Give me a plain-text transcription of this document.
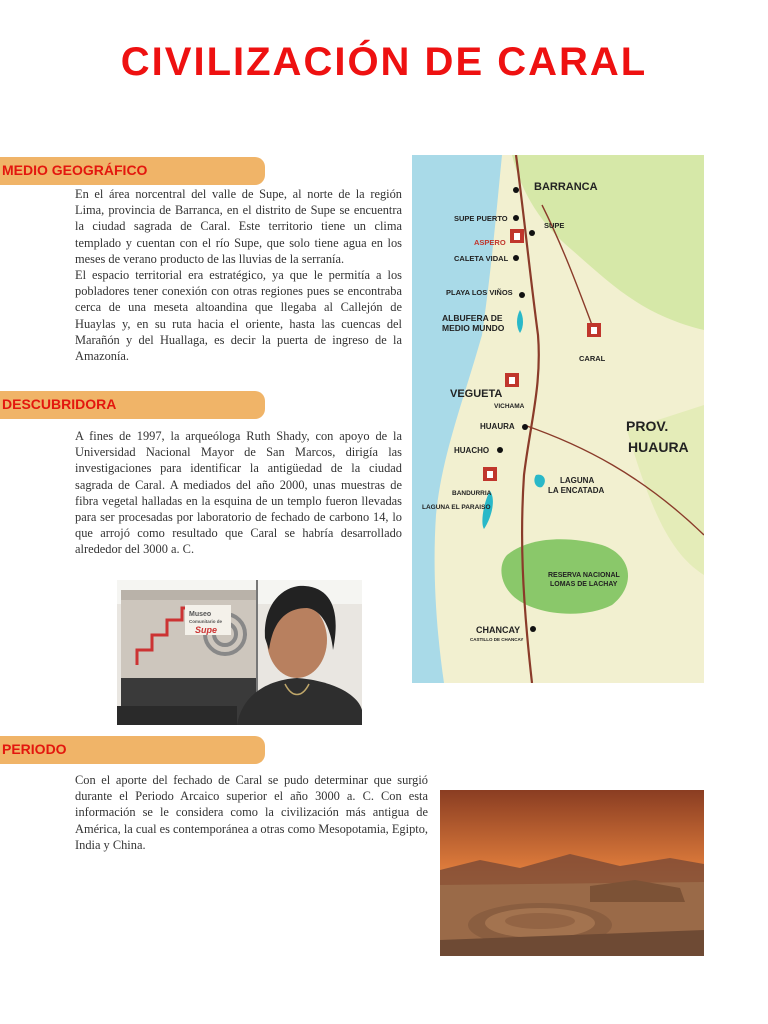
CIVILIZACIÓN DE CARAL
MEDIO GEOGRÁFICO

En el área norcentral del valle de Supe, al norte de la región Lima, provincia de Barranca, en el distrito de Supe se encuentra la ciudad sagrada de Caral. Este territorio tiene un clima templado y cuentan con el río Supe, que solo tiene agua en los meses de verano producto de las lluvias de la serranía.

El espacio territorial era estratégico, ya que le permitía a los pobladores tener conexión con otras regiones pues se encontraba cerca de una meseta altoandina que llegaba al Callejón de Huaylas y, en su ruta hacia el oriente, hasta las cuencas del Marañón y del Huallaga, es decir la puerta de ingreso de la Amazonía.

DESCUBRIDORA

A fines de 1997, la arqueóloga Ruth Shady, con apoyo de la Universidad Nacional Mayor de San Marcos, dirigía las investigaciones para identificar la antigüedad de la ciudad sagrada de Caral. A mediados del año 2000, unas muestras de fibra vegetal halladas en la esquina de un templo fueron llevadas para ser procesadas por laboratorio de fechado de carbono 14, lo que arrojó como resultado que Caral se habría desarrollado alrededor del 3000 a. C.

PERIODO

Con el aporte del fechado de Caral se pudo determinar que surgió durante el Periodo Arcaico superior el año 3000 a. C. Con esta información se le considera como la civilización más antigua de América, la cual es contemporánea a otras como Mesopotamia, Egipto, India y China.

BARRANCA
SUPE PUERTO
SUPE
ASPERO
CALETA VIDAL
PLAYA LOS VIÑOS
ALBUFERA DE
MEDIO MUNDO
CARAL
VEGUETA
VICHAMA
HUAURA	PROV.
HUAURA
HUACHO
LAGUNA
LA ENCATADA
BANDURRIA
LAGUNA EL PARAISO
RESERVA NACIONAL
LOMAS DE LACHAY
CHANCAY
CASTILLO DE CHANCAY
Museo
Comunitario de
Supe
